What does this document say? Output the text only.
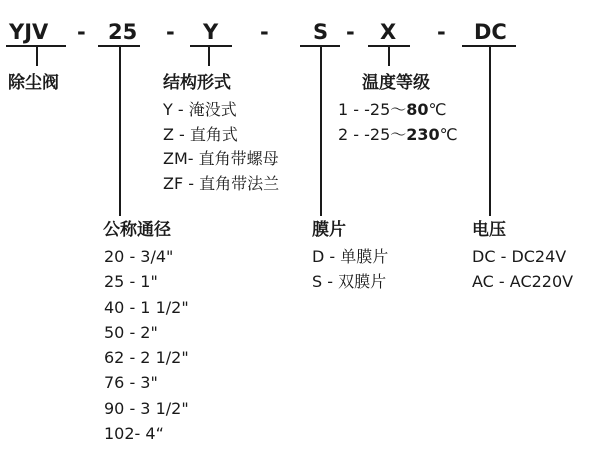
YJV - 25 - Y - S - X - DC
除尘阀	结构形式
Y - 淹没式
Z - 直角式
ZM- 直角带螺母
ZF - 直角带法兰
温度等级
1 - -25～80℃
2 - -25～230℃
公称通径
20 - 3/4"
25 - 1"
40 - 1 1/2"
50 - 2"
62 - 2 1/2"
76 - 3"
90 - 3 1/2"
102- 4“
膜片
D - 单膜片
S - 双膜片
电压
DC - DC24V
AC - AC220V
